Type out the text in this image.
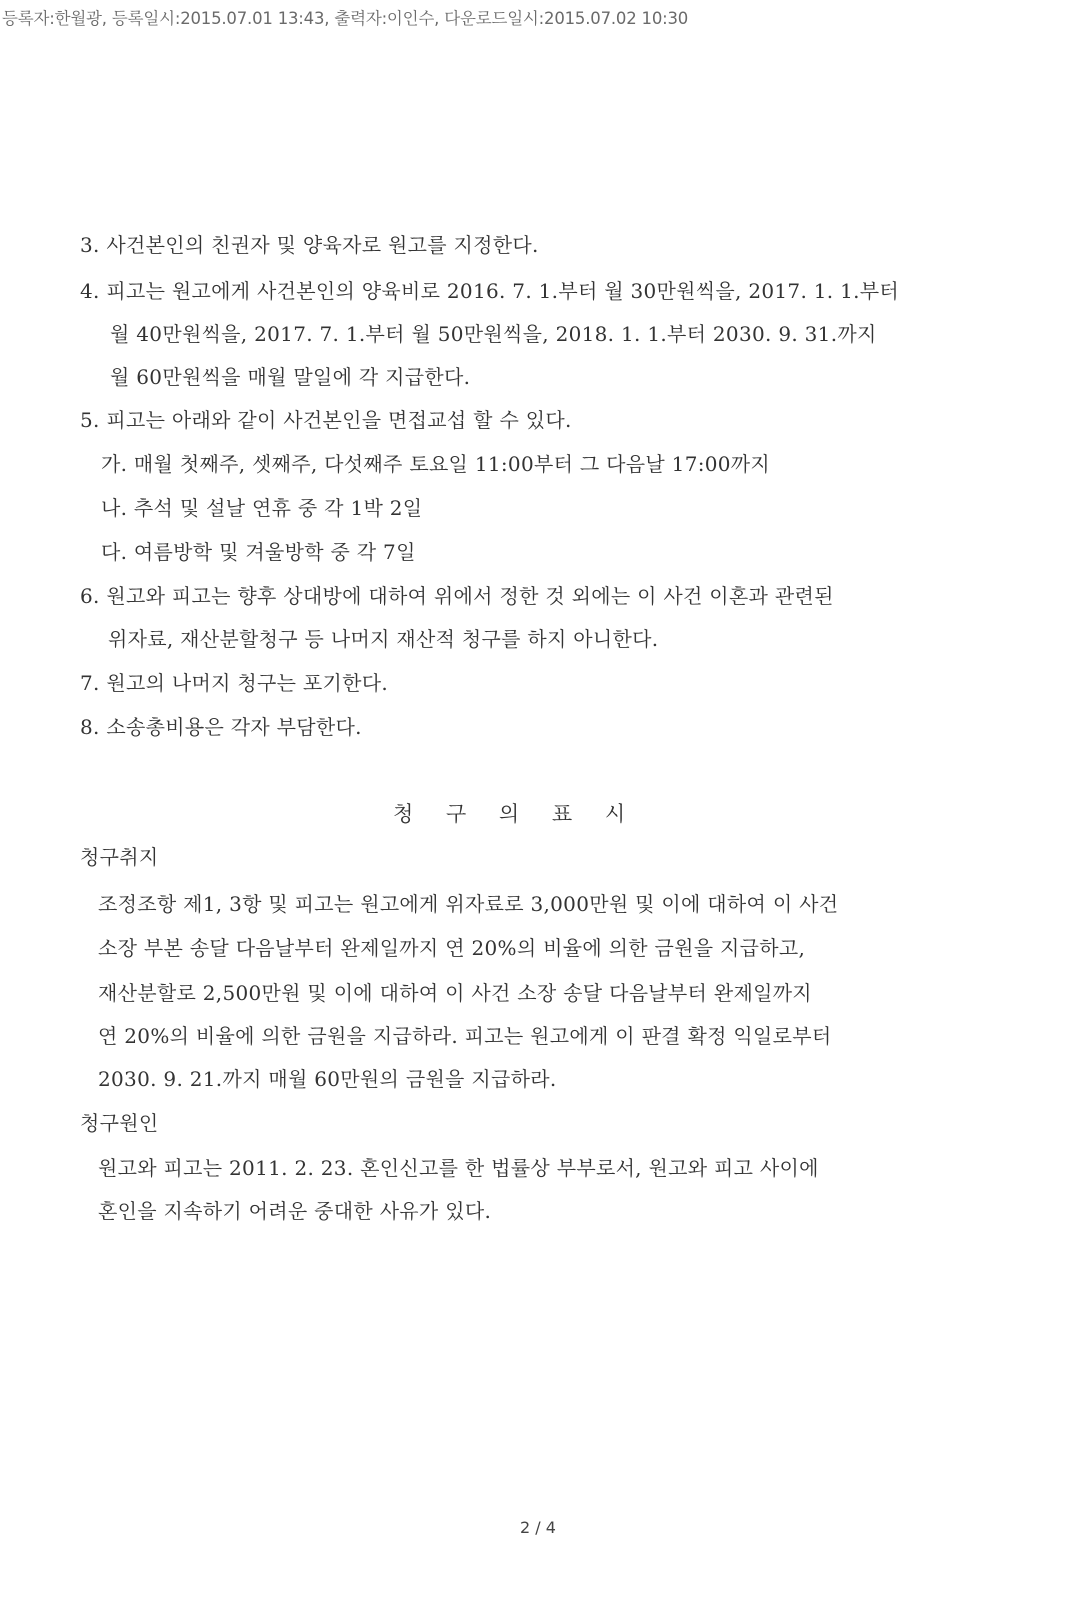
등록자:한월광, 등록일시:2015.07.01 13:43, 출력자:이인수, 다운로드일시:2015.07.02 10:30
3. 사건본인의 친권자 및 양육자로 원고를 지정한다.
4. 피고는 원고에게 사건본인의 양육비로 2016. 7. 1.부터 월 30만원씩을, 2017. 1. 1.부터
월 40만원씩을, 2017. 7. 1.부터 월 50만원씩을, 2018. 1. 1.부터 2030. 9. 31.까지
월 60만원씩을 매월 말일에 각 지급한다.
5. 피고는 아래와 같이 사건본인을 면접교섭 할 수 있다.
가. 매월 첫째주, 셋째주, 다섯째주 토요일 11:00부터 그 다음날 17:00까지
나. 추석 및 설날 연휴 중 각 1박 2일
다. 여름방학 및 겨울방학 중 각 7일
6. 원고와 피고는 향후 상대방에 대하여 위에서 정한 것 외에는 이 사건 이혼과 관련된
위자료, 재산분할청구 등 나머지 재산적 청구를 하지 아니한다.
7. 원고의 나머지 청구는 포기한다.
8. 소송총비용은 각자 부담한다.
청 구 의 표 시
청구취지
조정조항 제1, 3항 및 피고는 원고에게 위자료로 3,000만원 및 이에 대하여 이 사건
소장 부본 송달 다음날부터 완제일까지 연 20%의 비율에 의한 금원을 지급하고,
재산분할로 2,500만원 및 이에 대하여 이 사건 소장 송달 다음날부터 완제일까지
연 20%의 비율에 의한 금원을 지급하라. 피고는 원고에게 이 판결 확정 익일로부터
2030. 9. 21.까지 매월 60만원의 금원을 지급하라.
청구원인
원고와 피고는 2011. 2. 23. 혼인신고를 한 법률상 부부로서, 원고와 피고 사이에
혼인을 지속하기 어려운 중대한 사유가 있다.
2 / 4
